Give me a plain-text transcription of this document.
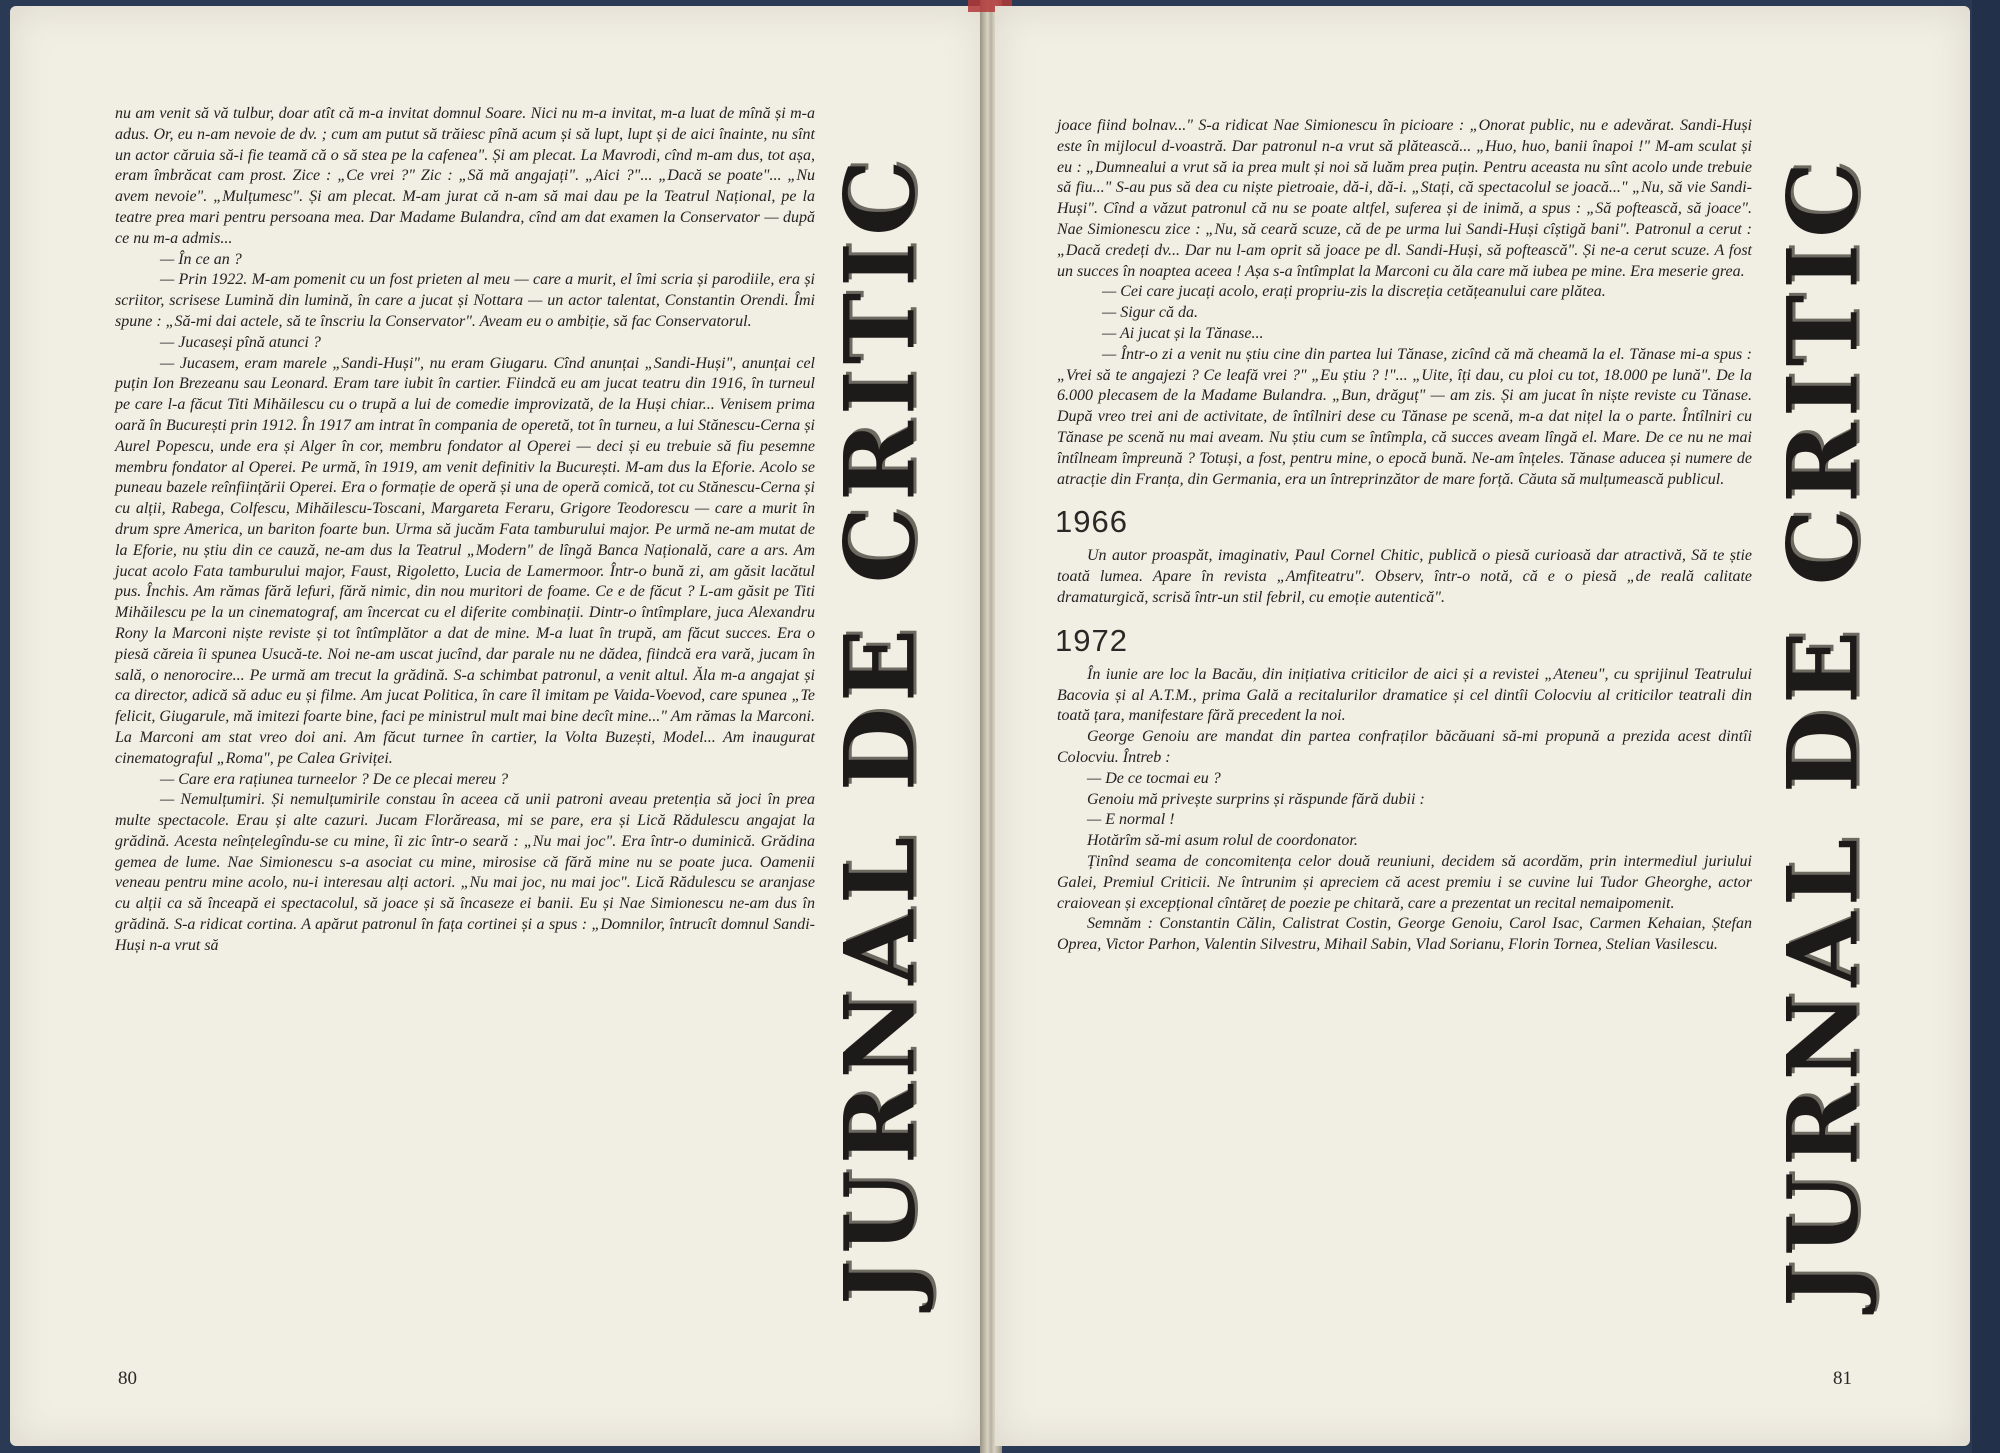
nu am venit să vă tulbur, doar atît că m-a invitat domnul Soare. Nici nu m-a invitat, m-a luat de mînă și m-a adus. Or, eu n-am nevoie de dv. ; cum am putut să trăiesc pînă acum și să lupt, lupt și de aici înainte, nu sînt un actor căruia să-i fie teamă că o să stea pe la cafenea". Și am plecat. La Mavrodi, cînd m-am dus, tot așa, eram îmbrăcat cam prost. Zice : „Ce vrei ?" Zic : „Să mă angajați". „Aici ?"... „Dacă se poate"... „Nu avem nevoie". „Mulțumesc". Și am plecat. M-am jurat că n-am să mai dau pe la Teatrul Național, pe la teatre prea mari pentru persoana mea. Dar Madame Bulandra, cînd am dat examen la Conservator — după ce nu m-a admis...

— În ce an ?

— Prin 1922. M-am pomenit cu un fost prieten al meu — care a murit, el îmi scria și parodiile, era și scriitor, scrisese Lumină din lumină, în care a jucat și Nottara — un actor talentat, Constantin Orendi. Îmi spune : „Să-mi dai actele, să te înscriu la Conservator". Aveam eu o ambiție, să fac Conservatorul.

— Jucaseși pînă atunci ?

— Jucasem, eram marele „Sandi-Huși", nu eram Giugaru. Cînd anunțai „Sandi-Huși", anunțai cel puțin Ion Brezeanu sau Leonard. Eram tare iubit în cartier. Fiindcă eu am jucat teatru din 1916, în turneul pe care l-a făcut Titi Mihăilescu cu o trupă a lui de comedie improvizată, de la Huși chiar... Venisem prima oară în București prin 1912. În 1917 am intrat în compania de operetă, tot în turneu, a lui Stănescu-Cerna și Aurel Popescu, unde era și Alger în cor, membru fondator al Operei — deci și eu trebuie să fiu pesemne membru fondator al Operei. Pe urmă, în 1919, am venit definitiv la București. M-am dus la Eforie. Acolo se puneau bazele reînființării Operei. Era o formație de operă și una de operă comică, tot cu Stănescu-Cerna și cu alții, Rabega, Colfescu, Mihăilescu-Toscani, Margareta Feraru, Grigore Teodorescu — care a murit în drum spre America, un bariton foarte bun. Urma să jucăm Fata tamburului major. Pe urmă ne-am mutat de la Eforie, nu știu din ce cauză, ne-am dus la Teatrul „Modern" de lîngă Banca Națională, care a ars. Am jucat acolo Fata tamburului major, Faust, Rigoletto, Lucia de Lamermoor. Într-o bună zi, am găsit lacătul pus. Închis. Am rămas fără lefuri, fără nimic, din nou muritori de foame. Ce e de făcut ? L-am găsit pe Titi Mihăilescu pe la un cinematograf, am încercat cu el diferite combinații. Dintr-o întîmplare, juca Alexandru Rony la Marconi niște reviste și tot întîmplător a dat de mine. M-a luat în trupă, am făcut succes. Era o piesă căreia îi spunea Usucă-te. Noi ne-am uscat jucînd, dar parale nu ne dădea, fiindcă era vară, jucam în sală, o nenorocire... Pe urmă am trecut la grădină. S-a schimbat patronul, a venit altul. Ăla m-a angajat și ca director, adică să aduc eu și filme. Am jucat Politica, în care îl imitam pe Vaida-Voevod, care spunea „Te felicit, Giugarule, mă imitezi foarte bine, faci pe ministrul mult mai bine decît mine..." Am rămas la Marconi. La Marconi am stat vreo doi ani. Am făcut turnee în cartier, la Volta Buzești, Model... Am inaugurat cinematograful „Roma", pe Calea Griviței.

— Care era rațiunea turneelor ? De ce plecai mereu ?

— Nemulțumiri. Și nemulțumirile constau în aceea că unii patroni aveau pretenția să joci în prea multe spectacole. Erau și alte cazuri. Jucam Florăreasa, mi se pare, era și Lică Rădulescu angajat la grădină. Acesta neînțelegîndu-se cu mine, îi zic într-o seară : „Nu mai joc". Era într-o duminică. Grădina gemea de lume. Nae Simionescu s-a asociat cu mine, mirosise că fără mine nu se poate juca. Oamenii veneau pentru mine acolo, nu-i interesau alți actori. „Nu mai joc, nu mai joc". Lică Rădulescu se aranjase cu alții ca să înceapă ei spectacolul, să joace și să încaseze ei banii. Eu și Nae Simionescu ne-am dus în grădină. S-a ridicat cortina. A apărut patronul în fața cortinei și a spus : „Domnilor, întrucît domnul Sandi-Huși n-a vrut să	JURNAL DE CRITIC
80

joace fiind bolnav..." S-a ridicat Nae Simionescu în picioare : „Onorat public, nu e adevărat. Sandi-Huși este în mijlocul d-voastră. Dar patronul n-a vrut să plătească... „Huo, huo, banii înapoi !" M-am sculat și eu : „Dumnealui a vrut să ia prea mult și noi să luăm prea puțin. Pentru aceasta nu sînt acolo unde trebuie să fiu..." S-au pus să dea cu niște pietroaie, dă-i, dă-i. „Stați, că spectacolul se joacă..." „Nu, să vie Sandi-Huși". Cînd a văzut patronul că nu se poate altfel, suferea și de inimă, a spus : „Să poftească, să joace". Nae Simionescu zice : „Nu, să ceară scuze, că de pe urma lui Sandi-Huși cîștigă bani". Patronul a cerut : „Dacă credeți dv... Dar nu l-am oprit să joace pe dl. Sandi-Huși, să poftească". Și ne-a cerut scuze. A fost un succes în noaptea aceea ! Așa s-a întîmplat la Marconi cu ăla care mă iubea pe mine. Era meserie grea.

— Cei care jucați acolo, erați propriu-zis la discreția cetățeanului care plătea.

— Sigur că da.

— Ai jucat și la Tănase...

— Într-o zi a venit nu știu cine din partea lui Tănase, zicînd că mă cheamă la el. Tănase mi-a spus : „Vrei să te angajezi ? Ce leafă vrei ?" „Eu știu ? !"... „Uite, îți dau, cu ploi cu tot, 18.000 pe lună". De la 6.000 plecasem de la Madame Bulandra. „Bun, drăguț" — am zis. Și am jucat în niște reviste cu Tănase. După vreo trei ani de activitate, de întîlniri dese cu Tănase pe scenă, m-a dat nițel la o parte. Întîlniri cu Tănase pe scenă nu mai aveam. Nu știu cum se întîmpla, că succes aveam lîngă el. Mare. De ce nu ne mai întîlneam împreună ? Totuși, a fost, pentru mine, o epocă bună. Ne-am înțeles. Tănase aducea și numere de atracție din Franța, din Germania, era un întreprinzător de mare forță. Căuta să mulțumească publicul.

1966

Un autor proaspăt, imaginativ, Paul Cornel Chitic, publică o piesă curioasă dar atractivă, Să te știe toată lumea. Apare în revista „Amfiteatru". Observ, într-o notă, că e o piesă „de reală calitate dramaturgică, scrisă într-un stil febril, cu emoție autentică".

1972

În iunie are loc la Bacău, din inițiativa criticilor de aici și a revistei „Ateneu", cu sprijinul Teatrului Bacovia și al A.T.M., prima Gală a recitalurilor dramatice și cel dintîi Colocviu al criticilor teatrali din toată țara, manifestare fără precedent la noi.

George Genoiu are mandat din partea confraților băcăuani să-mi propună a prezida acest dintîi Colocviu. Întreb :

— De ce tocmai eu ?

Genoiu mă privește surprins și răspunde fără dubii :

— E normal !

Hotărîm să-mi asum rolul de coordonator.

Ținînd seama de concomitența celor două reuniuni, decidem să acordăm, prin intermediul juriului Galei, Premiul Criticii. Ne întrunim și apreciem că acest premiu i se cuvine lui Tudor Gheorghe, actor craiovean și excepțional cîntăreț de poezie pe chitară, care a prezentat un recital nemaipomenit.

Semnăm : Constantin Călin, Calistrat Costin, George Genoiu, Carol Isac, Carmen Kehaian, Ștefan Oprea, Victor Parhon, Valentin Silvestru, Mihail Sabin, Vlad Sorianu, Florin Tornea, Stelian Vasilescu. JURNAL DE CRITIC
81
